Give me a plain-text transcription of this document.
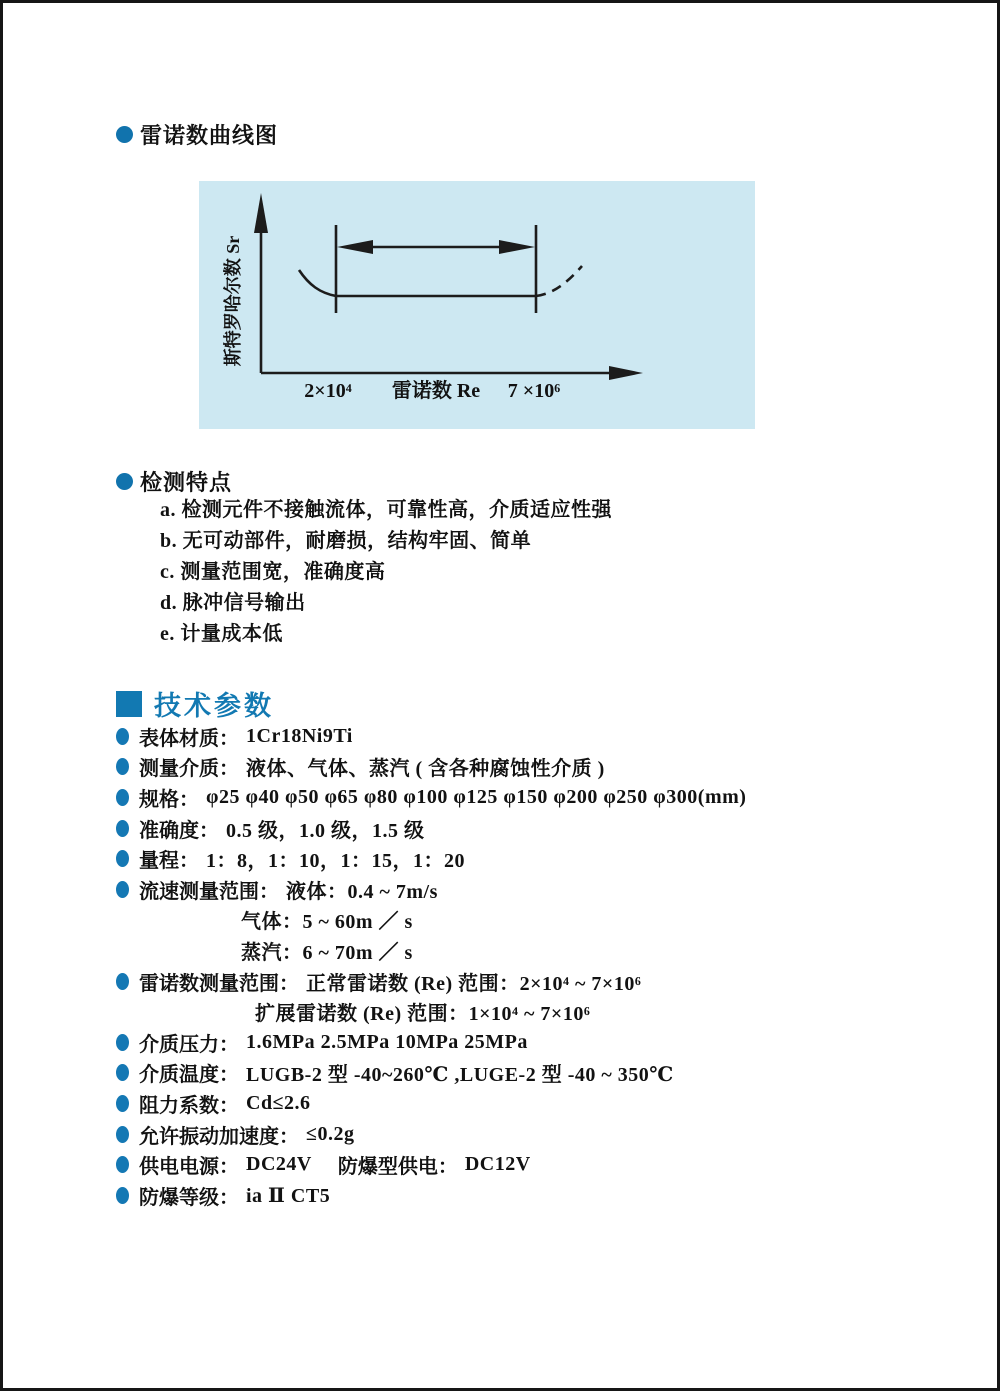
雷诺数曲线图
斯特罗哈尔数 Sr
2×10⁴ 雷诺数 Re 7 ×10⁶
检测特点
a. 检测元件不接触流体，可靠性高，介质适应性强
b. 无可动部件，耐磨损，结构牢固、简单
c. 测量范围宽，准确度高
d. 脉冲信号输出
e. 计量成本低
技术参数
表体材质： 1Cr18Ni9Ti
测量介质： 液体、气体、蒸汽 ( 含各种腐蚀性介质 )
规格： φ25 φ40 φ50 φ65 φ80 φ100 φ125 φ150 φ200 φ250 φ300(mm)
准确度： 0.5 级，1.0 级，1.5 级
量程： 1：8，1：10，1：15，1：20
流速测量范围： 液体：0.4 ~ 7m/s
气体：5 ~ 60m ／ s
蒸汽：6 ~ 70m ／ s
雷诺数测量范围： 正常雷诺数 (Re) 范围：2×10⁴ ~ 7×10⁶
扩展雷诺数 (Re) 范围：1×10⁴ ~ 7×10⁶
介质压力： 1.6MPa 2.5MPa 10MPa 25MPa
介质温度： LUGB-2 型 -40~260℃ ,LUGE-2 型 -40 ~ 350℃
阻力系数： Cd≤2.6
允许振动加速度： ≤0.2g
供电电源： DC24V 防爆型供电： DC12V
防爆等级： ia Ⅱ CT5
